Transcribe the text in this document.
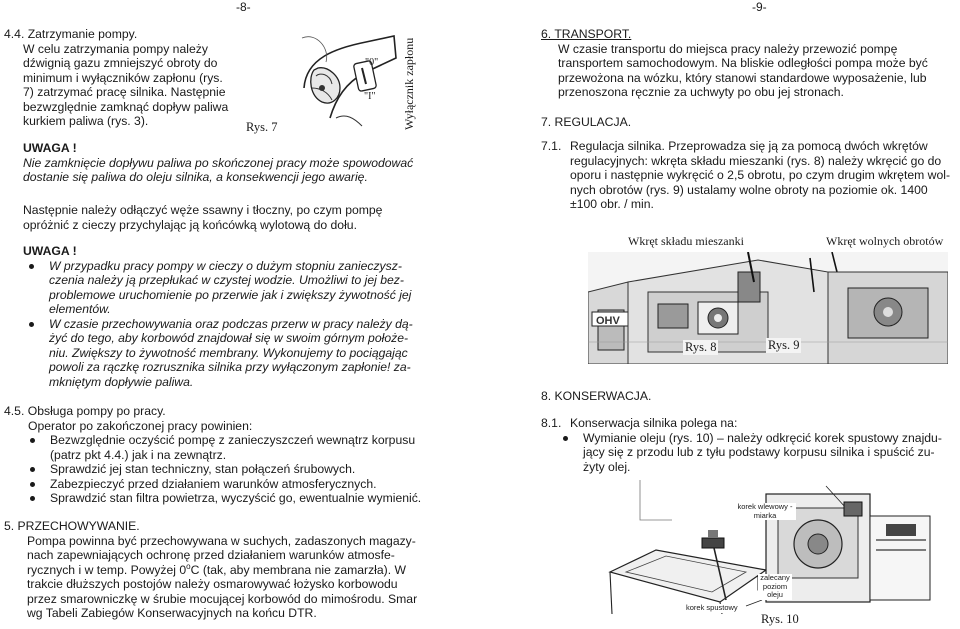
-8-	-9-
4.4. Zatrzymanie pompy.
W celu zatrzymania pompy należy
dźwignią gazu zmniejszyć obroty do
minimum i wyłączników zapłonu (rys.
7) zatrzymać pracę silnika. Następnie
bezwzględnie zamknąć dopływ paliwa
kurkiem paliwa (rys. 3).	Rys. 7
"0"
"I" Wyłącznik zapłonu
UWAGA !
Nie zamknięcie dopływu paliwa po skończonej pracy może spowodować
dostanie się paliwa do oleju silnika, a konsekwencji jego awarię.
Następnie należy odłączyć węże ssawny i tłoczny, po czym pompę
opróżnić z cieczy przychylając ją końcówką wylotową do dołu.
UWAGA !
W przypadku pracy pompy w cieczy o dużym stopniu zanieczysz-
czenia należy ją przepłukać w czystej wodzie. Umożliwi to jej bez-
problemowe uruchomienie po przerwie jak i zwiększy żywotność jej
elementów.
W czasie przechowywania oraz podczas przerw w pracy należy dą-
żyć do tego, aby korbowód znajdował się w swoim górnym położe-
niu. Zwiększy to żywotność membrany. Wykonujemy to pociągając
powoli za rączkę rozrusznika silnika przy wyłączonym zapłonie! za-
mkniętym dopływie paliwa.
4.5. Obsługa pompy po pracy.
Operator po zakończonej pracy powinien:
Bezwzględnie oczyścić pompę z zanieczyszczeń wewnątrz korpusu
(patrz pkt 4.4.) jak i na zewnątrz.
Sprawdzić jej stan techniczny, stan połączeń śrubowych.
Zabezpieczyć przed działaniem warunków atmosferycznych.
Sprawdzić stan filtra powietrza, wyczyścić go, ewentualnie wymienić.
5. PRZECHOWYWANIE.
Pompa powinna być przechowywana w suchych, zadaszonych magazy-
nach zapewniających ochronę przed działaniem warunków atmosfe-
rycznych i w temp. Powyżej 0$^o$C (tak, aby membrana nie zamarzła). W
trakcie dłuższych postojów należy osmarowywać łożysko korbowodu
przez smarowniczkę w śrubie mocującej korbowód do mimośrodu. Smar
wg Tabeli Zabiegów Konserwacyjnych na końcu DTR.
6. TRANSPORT.
W czasie transportu do miejsca pracy należy przewozić pompę
transportem samochodowym. Na bliskie odległości pompa może być
przewożona na wózku, który stanowi standardowe wyposażenie, lub
przenoszona ręcznie za uchwyty po obu jej stronach.
7. REGULACJA.
7.1. Regulacja silnika. Przeprowadza się ją za pomocą dwóch wkrętów
regulacyjnych: wkręta składu mieszanki (rys. 8) należy wkręcić go do
oporu i następnie wykręcić o 2,5 obrotu, po czym drugim wkrętem wol-
nych obrotów (rys. 9) ustalamy wolne obroty na poziomie ok. 1400
±100 obr. / min.
Wkręt składu mieszanki	Wkręt wolnych obrotów
OHV
Rys. 8	Rys. 9
8. KONSERWACJA.
8.1. Konserwacja silnika polega na:
Wymianie oleju (rys. 10) – należy odkręcić korek spustowy znajdu-
jący się z przodu lub z tyłu podstawy korpusu silnika i spuścić zu-
żyty olej.
korek wlewowy -
miarka
zalecany
poziom
oleju
korek spustowy
Rys. 10
